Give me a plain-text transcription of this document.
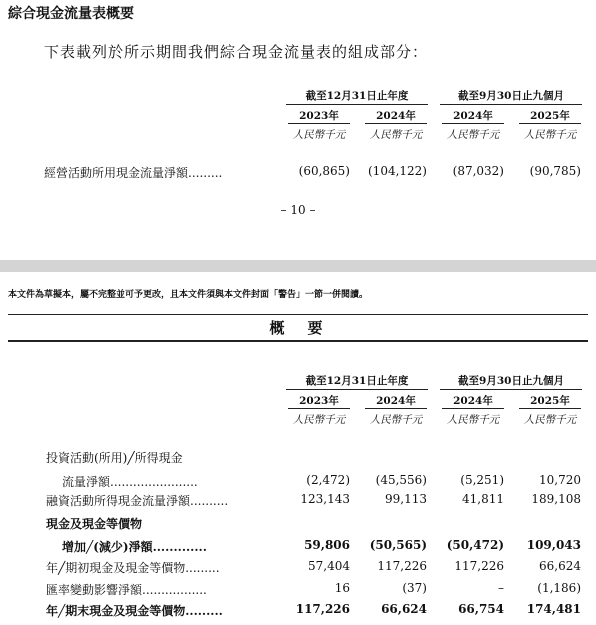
綜合現金流量表概要
下表載列於所示期間我們綜合現金流量表的組成部分：
截至12月31日止年度	截至9月30日止九個月
2023年	2024年	2024年	2025年
人民幣千元	人民幣千元	人民幣千元	人民幣千元
經營活動所用現金流量淨額.........	(60,865)	(104,122)	(87,032)	(90,785)
– 10 –
本文件為草擬本，屬不完整並可予更改，且本文件須與本文件封面「警告」一節一併閱讀。
概　要
截至12月31日止年度	截至9月30日止九個月
2023年	2024年	2024年	2025年
人民幣千元	人民幣千元	人民幣千元	人民幣千元
投資活動(所用)╱所得現金
流量淨額.......................	(2,472)	(45,556)	(5,251)	10,720
融資活動所得現金流量淨額..........	123,143	99,113	41,811	189,108
現金及現金等價物
增加╱(減少)淨額.............	59,806	(50,565)	(50,472)	109,043
年╱期初現金及現金等價物.........	57,404	117,226	117,226	66,624
匯率變動影響淨額.................	16	(37)	–	(1,186)
年╱期末現金及現金等價物.........	117,226	66,624	66,754	174,481
